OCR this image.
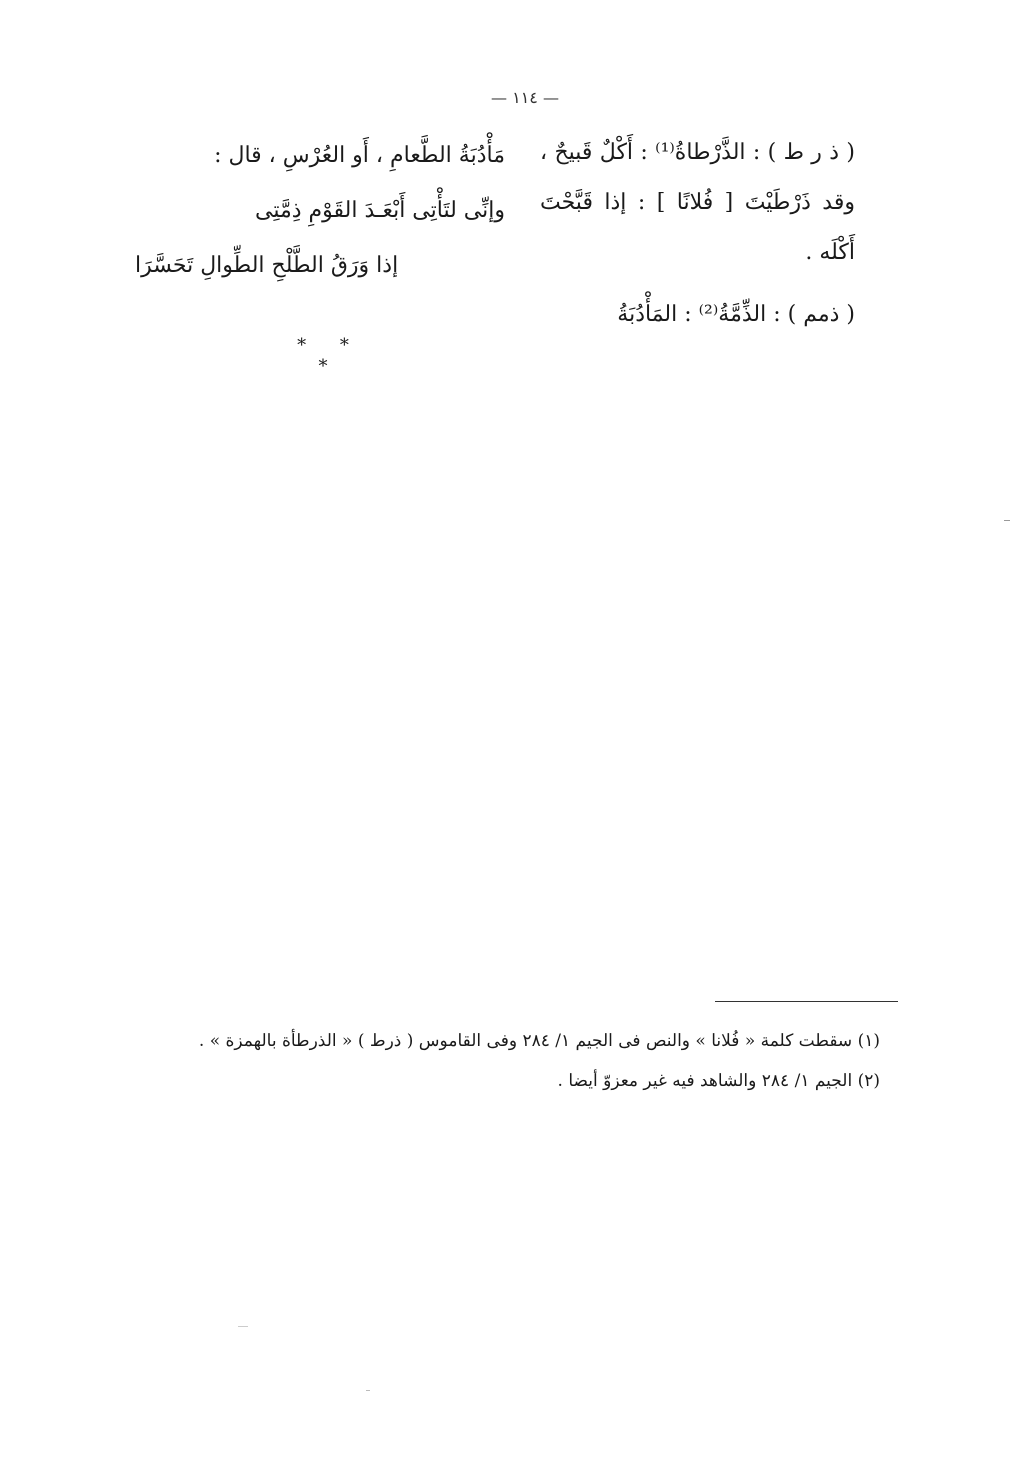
— ١١٤ —

( ذ ر ط ) : الذَّرْطاةُ⁽¹⁾ : أَكْلٌ قَبيحٌ ، وقد ذَرْطَيْتَ [ فُلانًا ] : إذا قَبَّحْتَ أَكْلَه .

( ذمم ) : الذِّمَّةُ⁽²⁾ : المَأْدُبَةُ

مَأْدُبَةُ الطَّعامِ ، أَو العُرْسِ ، قال :
وإنِّى لتَأْتِى أَبْعَـدَ القَوْمِ ذِمَّتِى
إذا وَرَقُ الطَّلْحِ الطِّوالِ تَحَسَّرَا
* * *

(١) سقطت كلمة « فُلانا » والنص فى الجيم ١/ ٢٨٤ وفى القاموس ( ذرط ) « الذرطأة بالهمزة » .

(٢) الجيم ١/ ٢٨٤ والشاهد فيه غير معزوّ أيضا .
